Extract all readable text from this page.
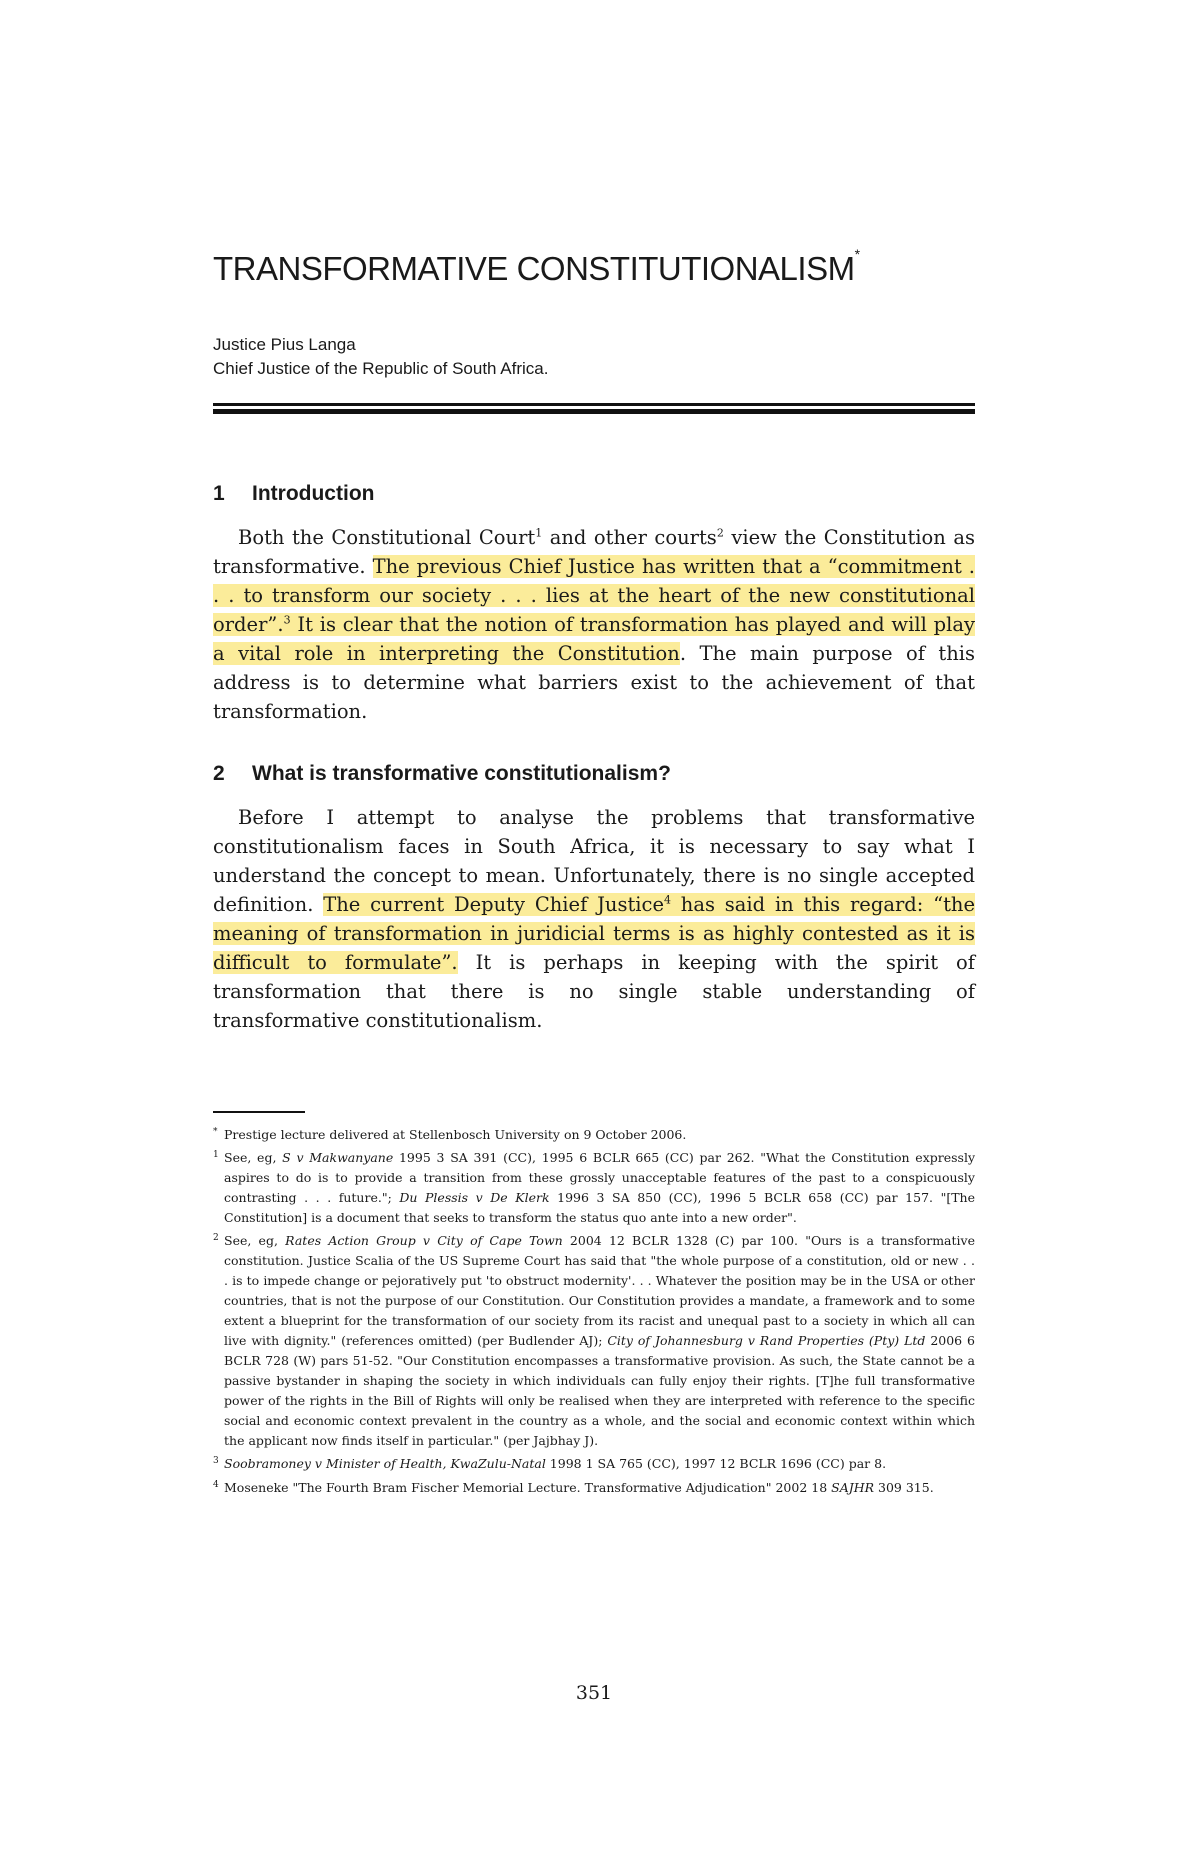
TRANSFORMATIVE CONSTITUTIONALISM*
Justice Pius Langa
Chief Justice of the Republic of South Africa.
1 Introduction

Both the Constitutional Court$^1$ and other courts$^2$ view the Constitution as transformative. The previous Chief Justice has written that a “commitment . . . to transform our society . . . lies at the heart of the new constitutional order”.$^3$ It is clear that the notion of transformation has played and will play a vital role in interpreting the Constitution. The main purpose of this address is to determine what barriers exist to the achievement of that transformation.

2 What is transformative constitutionalism?

Before I attempt to analyse the problems that transformative constitutionalism faces in South Africa, it is necessary to say what I understand the concept to mean. Unfortunately, there is no single accepted definition. The current Deputy Chief Justice$^4$ has said in this regard: “the meaning of transformation in juridicial terms is as highly contested as it is difficult to formulate”. It is perhaps in keeping with the spirit of transformation that there is no single stable understanding of transformative constitutionalism.

* Prestige lecture delivered at Stellenbosch University on 9 October 2006.

$^1$ See, eg, S v Makwanyane 1995 3 SA 391 (CC), 1995 6 BCLR 665 (CC) par 262. "What the Constitution expressly aspires to do is to provide a transition from these grossly unacceptable features of the past to a conspicuously contrasting . . . future."; Du Plessis v De Klerk 1996 3 SA 850 (CC), 1996 5 BCLR 658 (CC) par 157. "[The Constitution] is a document that seeks to transform the status quo ante into a new order".

$^2$ See, eg, Rates Action Group v City of Cape Town 2004 12 BCLR 1328 (C) par 100. "Ours is a transformative constitution. Justice Scalia of the US Supreme Court has said that "the whole purpose of a constitution, old or new . . . is to impede change or pejoratively put 'to obstruct modernity'. . . Whatever the position may be in the USA or other countries, that is not the purpose of our Constitution. Our Constitution provides a mandate, a framework and to some extent a blueprint for the transformation of our society from its racist and unequal past to a society in which all can live with dignity." (references omitted) (per Budlender AJ); City of Johannesburg v Rand Properties (Pty) Ltd 2006 6 BCLR 728 (W) pars 51-52. "Our Constitution encompasses a transformative provision. As such, the State cannot be a passive bystander in shaping the society in which individuals can fully enjoy their rights. [T]he full transformative power of the rights in the Bill of Rights will only be realised when they are interpreted with reference to the specific social and economic context prevalent in the country as a whole, and the social and economic context within which the applicant now finds itself in particular." (per Jajbhay J).

$^3$ Soobramoney v Minister of Health, KwaZulu-Natal 1998 1 SA 765 (CC), 1997 12 BCLR 1696 (CC) par 8.

$^4$ Moseneke "The Fourth Bram Fischer Memorial Lecture. Transformative Adjudication" 2002 18 SAJHR 309 315.

351
